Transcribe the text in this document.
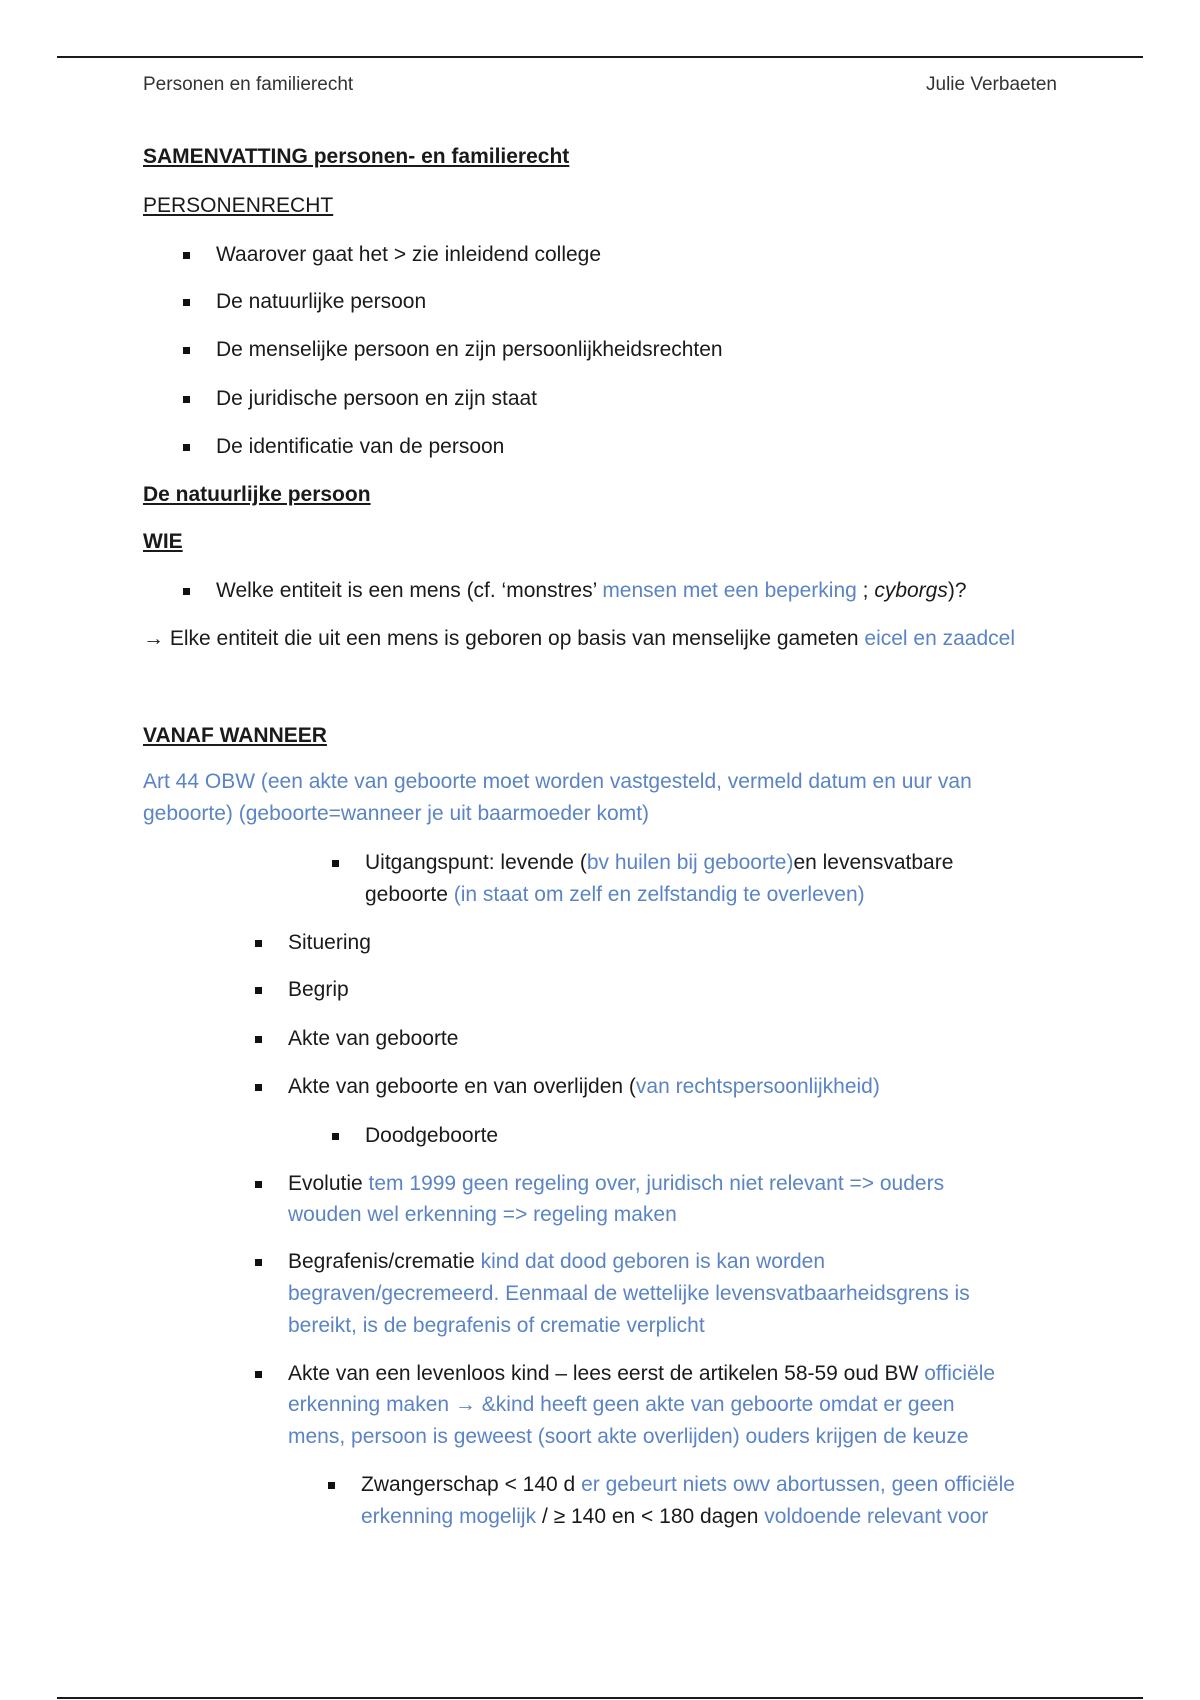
Personen en familierecht	Julie Verbaeten
SAMENVATTING personen- en familierecht
PERSONENRECHT
Waarover gaat het > zie inleidend college
De natuurlijke persoon
De menselijke persoon en zijn persoonlijkheidsrechten
De juridische persoon en zijn staat
De identificatie van de persoon
De natuurlijke persoon
WIE
Welke entiteit is een mens (cf. ‘monstres’ mensen met een beperking ; cyborgs)?
→ Elke entiteit die uit een mens is geboren op basis van menselijke gameten eicel en zaadcel
VANAF WANNEER
Art 44 OBW (een akte van geboorte moet worden vastgesteld, vermeld datum en uur van
geboorte) (geboorte=wanneer je uit baarmoeder komt)
Uitgangspunt: levende (bv huilen bij geboorte)en levensvatbare
geboorte (in staat om zelf en zelfstandig te overleven)
Situering
Begrip
Akte van geboorte
Akte van geboorte en van overlijden (van rechtspersoonlijkheid)
Doodgeboorte
Evolutie tem 1999 geen regeling over, juridisch niet relevant => ouders
wouden wel erkenning => regeling maken
Begrafenis/crematie kind dat dood geboren is kan worden
begraven/gecremeerd. Eenmaal de wettelijke levensvatbaarheidsgrens is
bereikt, is de begrafenis of crematie verplicht
Akte van een levenloos kind – lees eerst de artikelen 58-59 oud BW officiële
erkenning maken → &kind heeft geen akte van geboorte omdat er geen
mens, persoon is geweest (soort akte overlijden) ouders krijgen de keuze
Zwangerschap < 140 d er gebeurt niets owv abortussen, geen officiële
erkenning mogelijk / ≥ 140 en < 180 dagen voldoende relevant voor
